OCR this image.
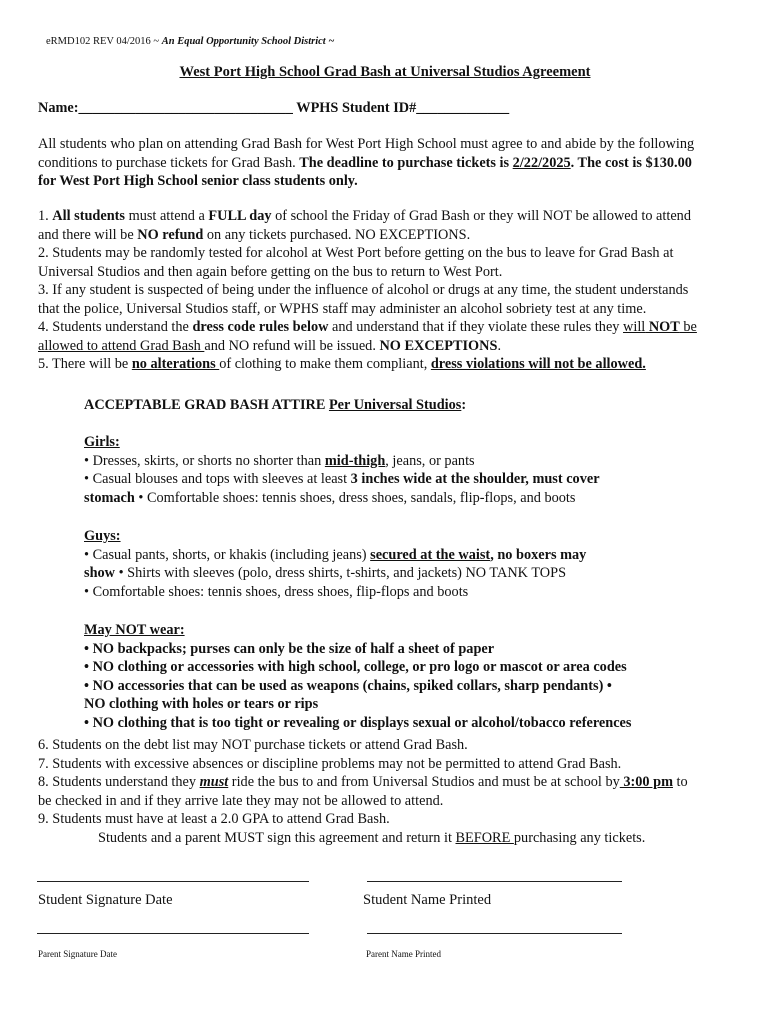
eRMD102 REV 04/2016 ~ An Equal Opportunity School District ~
West Port High School Grad Bash at Universal Studios Agreement
Name:______________________________ WPHS Student ID#_____________
All students who plan on attending Grad Bash for West Port High School must agree to and abide by the following
conditions to purchase tickets for Grad Bash. The deadline to purchase tickets is 2/22/2025. The cost is $130.00
for West Port High School senior class students only.
1. All students must attend a FULL day of school the Friday of Grad Bash or they will NOT be allowed to attend
and there will be NO refund on any tickets purchased. NO EXCEPTIONS.
2. Students may be randomly tested for alcohol at West Port before getting on the bus to leave for Grad Bash at
Universal Studios and then again before getting on the bus to return to West Port.
3. If any student is suspected of being under the influence of alcohol or drugs at any time, the student understands
that the police, Universal Studios staff, or WPHS staff may administer an alcohol sobriety test at any time.
4. Students understand the dress code rules below and understand that if they violate these rules they will NOT be
allowed to attend Grad Bash and NO refund will be issued. NO EXCEPTIONS.
5. There will be no alterations of clothing to make them compliant, dress violations will not be allowed.
ACCEPTABLE GRAD BASH ATTIRE Per Universal Studios:
Girls:
• Dresses, skirts, or shorts no shorter than mid-thigh, jeans, or pants
• Casual blouses and tops with sleeves at least 3 inches wide at the shoulder, must cover
stomach • Comfortable shoes: tennis shoes, dress shoes, sandals, flip-flops, and boots
Guys:
• Casual pants, shorts, or khakis (including jeans) secured at the waist, no boxers may
show • Shirts with sleeves (polo, dress shirts, t-shirts, and jackets) NO TANK TOPS
• Comfortable shoes: tennis shoes, dress shoes, flip-flops and boots
May NOT wear:
• NO backpacks; purses can only be the size of half a sheet of paper
• NO clothing or accessories with high school, college, or pro logo or mascot or area codes
• NO accessories that can be used as weapons (chains, spiked collars, sharp pendants) •
NO clothing with holes or tears or rips
• NO clothing that is too tight or revealing or displays sexual or alcohol/tobacco references
6. Students on the debt list may NOT purchase tickets or attend Grad Bash.
7. Students with excessive absences or discipline problems may not be permitted to attend Grad Bash.
8. Students understand they must ride the bus to and from Universal Studios and must be at school by 3:00 pm to
be checked in and if they arrive late they may not be allowed to attend.
9. Students must have at least a 2.0 GPA to attend Grad Bash.
Students and a parent MUST sign this agreement and return it BEFORE purchasing any tickets.
Student Signature Date	Student Name Printed
Parent Signature Date	Parent Name Printed
